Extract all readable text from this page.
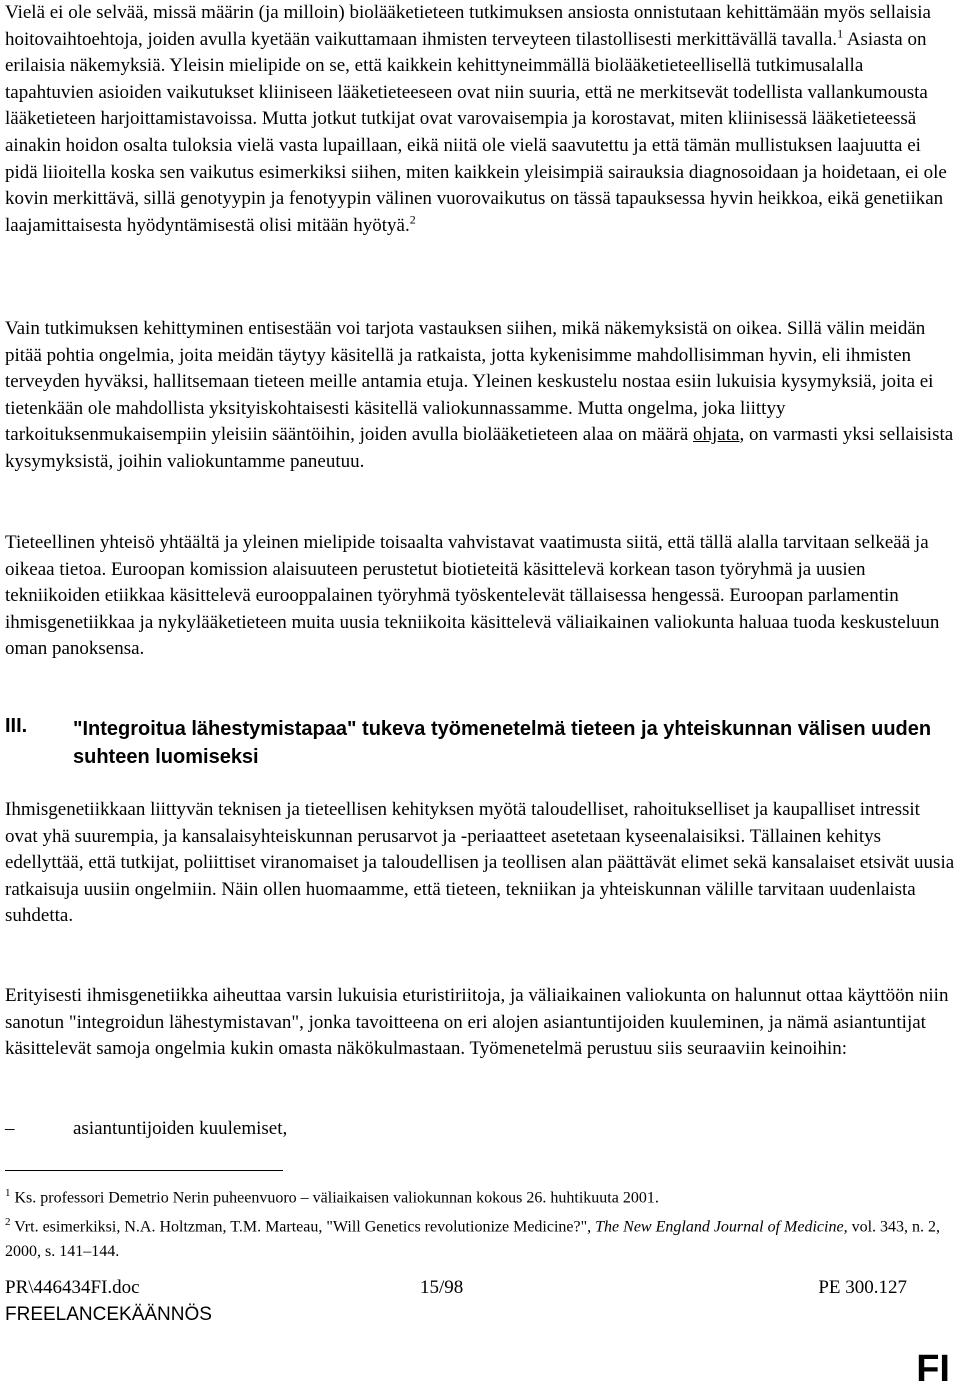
Vielä ei ole selvää, missä määrin (ja milloin) biolääketieteen tutkimuksen ansiosta onnistutaan kehittämään myös sellaisia hoitovaihtoehtoja, joiden avulla kyetään vaikuttamaan ihmisten terveyteen tilastollisesti merkittävällä tavalla.$^1$ Asiasta on erilaisia näkemyksiä. Yleisin mielipide on se, että kaikkein kehittyneimmällä biolääketieteellisellä tutkimusalalla tapahtuvien asioiden vaikutukset kliiniseen lääketieteeseen ovat niin suuria, että ne merkitsevät todellista vallankumousta lääketieteen harjoittamistavoissa. Mutta jotkut tutkijat ovat varovaisempia ja korostavat, miten kliinisessä lääketieteessä ainakin hoidon osalta tuloksia vielä vasta lupaillaan, eikä niitä ole vielä saavutettu ja että tämän mullistuksen laajuutta ei pidä liioitella koska sen vaikutus esimerkiksi siihen, miten kaikkein yleisimpiä sairauksia diagnosoidaan ja hoidetaan, ei ole kovin merkittävä, sillä genotyypin ja fenotyypin välinen vuorovaikutus on tässä tapauksessa hyvin heikkoa, eikä genetiikan laajamittaisesta hyödyntämisestä olisi mitään hyötyä.$^2$

Vain tutkimuksen kehittyminen entisestään voi tarjota vastauksen siihen, mikä näkemyksistä on oikea. Sillä välin meidän pitää pohtia ongelmia, joita meidän täytyy käsitellä ja ratkaista, jotta kykenisimme mahdollisimman hyvin, eli ihmisten terveyden hyväksi, hallitsemaan tieteen meille antamia etuja. Yleinen keskustelu nostaa esiin lukuisia kysymyksiä, joita ei tietenkään ole mahdollista yksityiskohtaisesti käsitellä valiokunnassamme. Mutta ongelma, joka liittyy tarkoituksenmukaisempiin yleisiin sääntöihin, joiden avulla biolääketieteen alaa on määrä ohjata, on varmasti yksi sellaisista kysymyksistä, joihin valiokuntamme paneutuu.

Tieteellinen yhteisö yhtäältä ja yleinen mielipide toisaalta vahvistavat vaatimusta siitä, että tällä alalla tarvitaan selkeää ja oikeaa tietoa. Euroopan komission alaisuuteen perustetut biotieteitä käsittelevä korkean tason työryhmä ja uusien tekniikoiden etiikkaa käsittelevä eurooppalainen työryhmä työskentelevät tällaisessa hengessä. Euroopan parlamentin ihmisgenetiikkaa ja nykylääketieteen muita uusia tekniikoita käsittelevä väliaikainen valiokunta haluaa tuoda keskusteluun oman panoksensa.

III. "Integroitua lähestymistapaa" tukeva työmenetelmä tieteen ja yhteiskunnan välisen uuden suhteen luomiseksi

Ihmisgenetiikkaan liittyvän teknisen ja tieteellisen kehityksen myötä taloudelliset, rahoitukselliset ja kaupalliset intressit ovat yhä suurempia, ja kansalaisyhteiskunnan perusarvot ja -periaatteet asetetaan kyseenalaisiksi. Tällainen kehitys edellyttää, että tutkijat, poliittiset viranomaiset ja taloudellisen ja teollisen alan päättävät elimet sekä kansalaiset etsivät uusia ratkaisuja uusiin ongelmiin. Näin ollen huomaamme, että tieteen, tekniikan ja yhteiskunnan välille tarvitaan uudenlaista suhdetta.

Erityisesti ihmisgenetiikka aiheuttaa varsin lukuisia eturistiriitoja, ja väliaikainen valiokunta on halunnut ottaa käyttöön niin sanotun "integroidun lähestymistavan", jonka tavoitteena on eri alojen asiantuntijoiden kuuleminen, ja nämä asiantuntijat käsittelevät samoja ongelmia kukin omasta näkökulmastaan. Työmenetelmä perustuu siis seuraaviin keinoihin:

–	asiantuntijoiden kuulemiset,

$^1$ Ks. professori Demetrio Nerin puheenvuoro – väliaikaisen valiokunnan kokous 26. huhtikuuta 2001.

$^2$ Vrt. esimerkiksi, N.A. Holtzman, T.M. Marteau, "Will Genetics revolutionize Medicine?", The New England Journal of Medicine, vol. 343, n. 2, 2000, s. 141–144.

PR\446434FI.doc	15/98	PE 300.127
FREELANCEKÄÄNNÖS
FI
